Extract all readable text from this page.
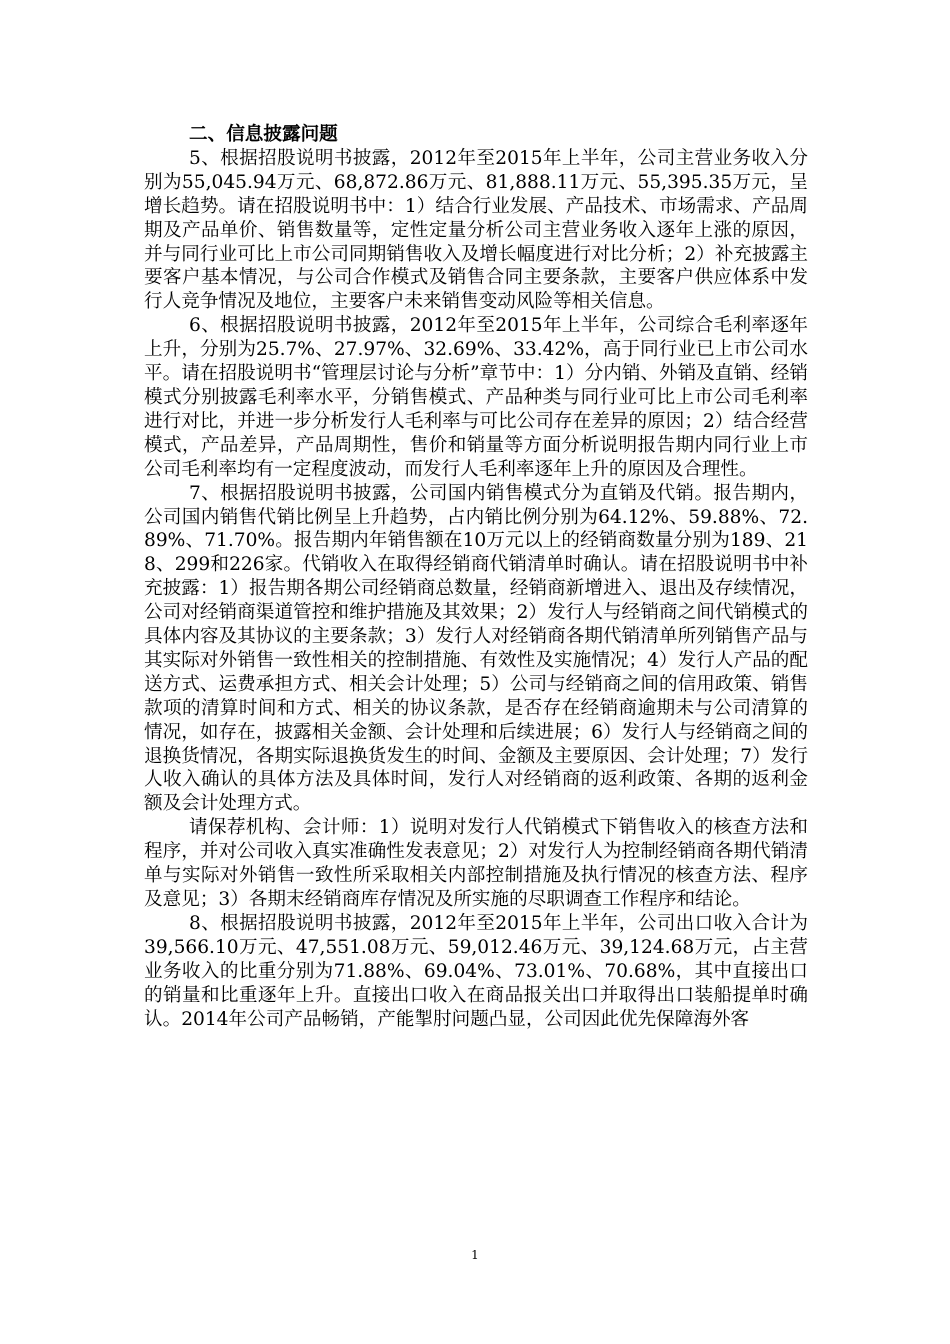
二、信息披露问题

5、根据招股说明书披露，2012年至2015年上半年，公司主营业务收入分别为55,045.94万元、68,872.86万元、81,888.11万元、55,395.35万元，呈增长趋势。请在招股说明书中：1）结合行业发展、产品技术、市场需求、产品周期及产品单价、销售数量等，定性定量分析公司主营业务收入逐年上涨的原因，并与同行业可比上市公司同期销售收入及增长幅度进行对比分析；2）补充披露主要客户基本情况，与公司合作模式及销售合同主要条款，主要客户供应体系中发行人竞争情况及地位，主要客户未来销售变动风险等相关信息。

6、根据招股说明书披露，2012年至2015年上半年，公司综合毛利率逐年上升，分别为25.7%、27.97%、32.69%、33.42%，高于同行业已上市公司水平。请在招股说明书“管理层讨论与分析”章节中：1）分内销、外销及直销、经销模式分别披露毛利率水平，分销售模式、产品种类与同行业可比上市公司毛利率进行对比，并进一步分析发行人毛利率与可比公司存在差异的原因；2）结合经营模式，产品差异，产品周期性，售价和销量等方面分析说明报告期内同行业上市公司毛利率均有一定程度波动，而发行人毛利率逐年上升的原因及合理性。

7、根据招股说明书披露，公司国内销售模式分为直销及代销。报告期内，公司国内销售代销比例呈上升趋势，占内销比例分别为64.12%、59.88%、72.89%、71.70%。报告期内年销售额在10万元以上的经销商数量分别为189、218、299和226家。代销收入在取得经销商代销清单时确认。请在招股说明书中补充披露：1）报告期各期公司经销商总数量，经销商新增进入、退出及存续情况，公司对经销商渠道管控和维护措施及其效果；2）发行人与经销商之间代销模式的具体内容及其协议的主要条款；3）发行人对经销商各期代销清单所列销售产品与其实际对外销售一致性相关的控制措施、有效性及实施情况；4）发行人产品的配送方式、运费承担方式、相关会计处理；5）公司与经销商之间的信用政策、销售款项的清算时间和方式、相关的协议条款，是否存在经销商逾期未与公司清算的情况，如存在，披露相关金额、会计处理和后续进展；6）发行人与经销商之间的退换货情况，各期实际退换货发生的时间、金额及主要原因、会计处理；7）发行人收入确认的具体方法及具体时间，发行人对经销商的返利政策、各期的返利金额及会计处理方式。

请保荐机构、会计师：1）说明对发行人代销模式下销售收入的核查方法和程序，并对公司收入真实准确性发表意见；2）对发行人为控制经销商各期代销清单与实际对外销售一致性所采取相关内部控制措施及执行情况的核查方法、程序及意见；3）各期末经销商库存情况及所实施的尽职调查工作程序和结论。

8、根据招股说明书披露，2012年至2015年上半年，公司出口收入合计为39,566.10万元、47,551.08万元、59,012.46万元、39,124.68万元，占主营业务收入的比重分别为71.88%、69.04%、73.01%、70.68%，其中直接出口的销量和比重逐年上升。直接出口收入在商品报关出口并取得出口装船提单时确认。2014年公司产品畅销，产能掣肘问题凸显，公司因此优先保障海外客

1
